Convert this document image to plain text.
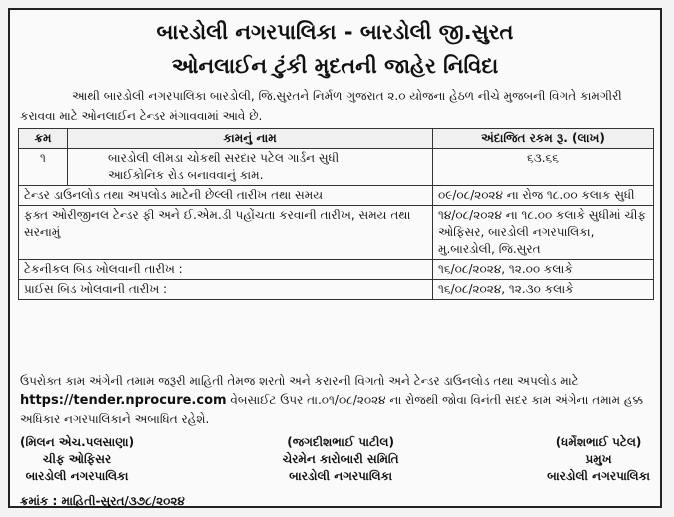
બારડોલી નગરપાલિકા - બારડોલી જી.સુરત
ઓનલાઈન ટુંકી મુદતની જાહેર નિવિદા
આથી બારડોલી નગરપાલિકા બારડોલી, જિ.સુરતને નિર્મળ ગુજરાત ૨.૦ યોજના હેઠળ નીચે મુજબની વિગતે કામગીરી કરાવવા માટે ઓનલાઈન ટેન્ડર મંગાવવામાં આવે છે.
ક્રમ	કામનું નામ	અંદાજિત રકમ રૂ. (લાખ)
૧	બારડોલી લીમડા ચોકથી સરદાર પટેલ ગાર્ડન સુધી આઈકોનિક રોડ બનાવવાનું કામ.	૬૩.૬૬
ટેન્ડર ડાઉનલોડ તથા અપલોડ માટેની છેલ્લી તારીખ તથા સમય		૦૯/૦૮/૨૦૨૪ ના રોજ ૧૮.૦૦ કલાક સુધી
ફક્ત ઓરીજીનલ ટેન્ડર ફી અને ઈ.એમ.ડી પહોંચતા કરવાની તારીખ, સમય તથા સરનામું		૧૪/૦૮/૨૦૨૪ ના ૧૮.૦૦ કલાકે સુધીમાં ચીફ ઓફિસર, બારડોલી નગરપાલિકા, મુ.બારડોલી, જિ.સુરત
ટેકનીકલ બિડ ખોલવાની તારીખ :		૧૬/૦૮/૨૦૨૪, ૧૨.૦૦ કલાકે
પ્રાઈસ બિડ ખોલવાની તારીખ :		૧૬/૦૮/૨૦૨૪, ૧૨.૩૦ કલાકે
ઉપરોક્ત કામ અંગેની તમામ જરૂરી માહિતી તેમજ શરતો અને કરારની વિગતો અને ટેન્ડર ડાઉનલોડ તથા અપલોડ માટે https://tender.nprocure.com વેબસાઈટ ઉપર તા.૦૧/૦૮/૨૦૨૪ ના રોજથી જોવા વિનંતી સદર કામ અંગેના તમામ હક્ક અધિકાર નગરપાલિકાને અબાધિત રહેશે.
(મિલન એચ.પલસાણા)
ચીફ ઓફિસર
બારડોલી નગરપાલિકા
(જગદીશભાઈ પાટીલ)
ચેરમેન કારોબારી સમિતિ
બારડોલી નગરપાલિકા
(ધર્મેશભાઈ પટેલ)
પ્રમુખ
બારડોલી નગરપાલિકા
ક્રમાંક : માહિતી-સુરત/૩૭૮/૨૦૨૪
